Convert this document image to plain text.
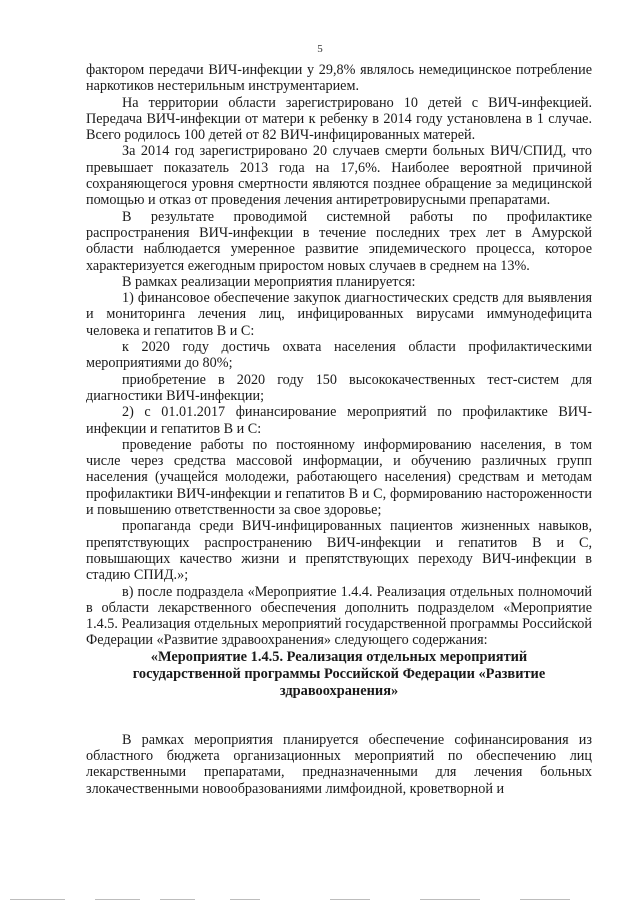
5

фактором передачи ВИЧ-инфекции у 29,8% являлось немедицинское потребление наркотиков нестерильным инструментарием.

На территории области зарегистрировано 10 детей с ВИЧ-инфекцией. Передача ВИЧ-инфекции от матери к ребенку в 2014 году установлена в 1 случае. Всего родилось 100 детей от 82 ВИЧ-инфицированных матерей.

За 2014 год зарегистрировано 20 случаев смерти больных ВИЧ/СПИД, что превышает показатель 2013 года на 17,6%. Наиболее вероятной причиной сохраняющегося уровня смертности являются позднее обращение за медицинской помощью и отказ от проведения лечения антиретровирусными препаратами.

В результате проводимой системной работы по профилактике распространения ВИЧ-инфекции в течение последних трех лет в Амурской области наблюдается умеренное развитие эпидемического процесса, которое характеризуется ежегодным приростом новых случаев в среднем на 13%.

В рамках реализации мероприятия планируется:

1) финансовое обеспечение закупок диагностических средств для выявления и мониторинга лечения лиц, инфицированных вирусами иммунодефицита человека и гепатитов В и С:

к 2020 году достичь охвата населения области профилактическими мероприятиями до 80%;

приобретение в 2020 году 150 высококачественных тест-систем для диагностики ВИЧ-инфекции;

2) с 01.01.2017 финансирование мероприятий по профилактике ВИЧ-инфекции и гепатитов В и С:

проведение работы по постоянному информированию населения, в том числе через средства массовой информации, и обучению различных групп населения (учащейся молодежи, работающего населения) средствам и методам профилактики ВИЧ-инфекции и гепатитов В и С, формированию настороженности и повышению ответственности за свое здоровье;

пропаганда среди ВИЧ-инфицированных пациентов жизненных навыков, препятствующих распространению ВИЧ-инфекции и гепатитов В и С, повышающих качество жизни и препятствующих переходу ВИЧ-инфекции в стадию СПИД.»;

в) после подраздела «Мероприятие 1.4.4. Реализация отдельных полномочий в области лекарственного обеспечения дополнить подразделом «Мероприятие 1.4.5. Реализация отдельных мероприятий государственной программы Российской Федерации «Развитие здравоохранения» следующего содержания:

«Мероприятие 1.4.5. Реализация отдельных мероприятий государственной программы Российской Федерации «Развитие здравоохранения»

В рамках мероприятия планируется обеспечение софинансирования из областного бюджета организационных мероприятий по обеспечению лиц лекарственными препаратами, предназначенными для лечения больных злокачественными новообразованиями лимфоидной, кроветворной и
